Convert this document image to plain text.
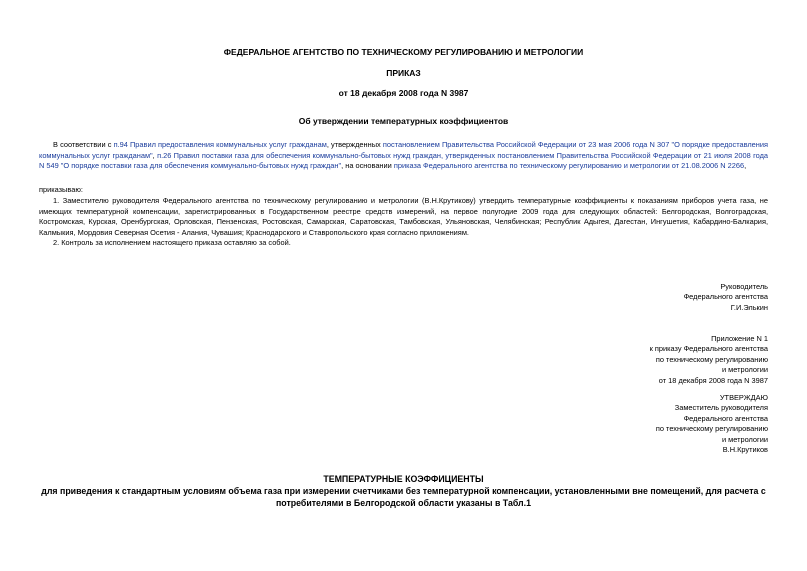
ФЕДЕРАЛЬНОЕ АГЕНТСТВО ПО ТЕХНИЧЕСКОМУ РЕГУЛИРОВАНИЮ И МЕТРОЛОГИИ
ПРИКАЗ
от 18 декабря 2008 года N 3987
Об утверждении температурных коэффициентов

В соответствии с п.94 Правил предоставления коммунальных услуг гражданам, утвержденных постановлением Правительства Российской Федерации от 23 мая 2006 года N 307 "О порядке предоставления коммунальных услуг гражданам", п.26 Правил поставки газа для обеспечения коммунально-бытовых нужд граждан, утвержденных постановлением Правительства Российской Федерации от 21 июля 2008 года N 549 "О порядке поставки газа для обеспечения коммунально-бытовых нужд граждан", на основании приказа Федерального агентства по техническому регулированию и метрологии от 21.08.2006 N 2266,

приказываю:

1. Заместителю руководителя Федерального агентства по техническому регулированию и метрологии (В.Н.Крутикову) утвердить температурные коэффициенты к показаниям приборов учета газа, не имеющих температурной компенсации, зарегистрированных в Государственном реестре средств измерений, на первое полугодие 2009 года для следующих областей: Белгородская, Волгоградская, Костромская, Курская, Оренбургская, Орловская, Пензенская, Ростовская, Самарская, Саратовская, Тамбовская, Ульяновская, Челябинская; Республик Адыгея, Дагестан, Ингушетия, Кабардино-Балкария, Калмыкия, Мордовия Северная Осетия - Алания, Чувашия; Краснодарского и Ставропольского края согласно приложениям.

2. Контроль за исполнением настоящего приказа оставляю за собой.

Руководитель
Федерального агентства
Г.И.Элькин
Приложение N 1
к приказу Федерального агентства
по техническому регулированию
и метрологии
от 18 декабря 2008 года N 3987
УТВЕРЖДАЮ
Заместитель руководителя
Федерального агентства
по техническому регулированию
и метрологии
В.Н.Крутиков
ТЕМПЕРАТУРНЫЕ КОЭФФИЦИЕНТЫ
для приведения к стандартным условиям объема газа при измерении счетчиками без температурной компенсации, установленными вне помещений, для расчета с потребителями в Белгородской области указаны в Табл.1
